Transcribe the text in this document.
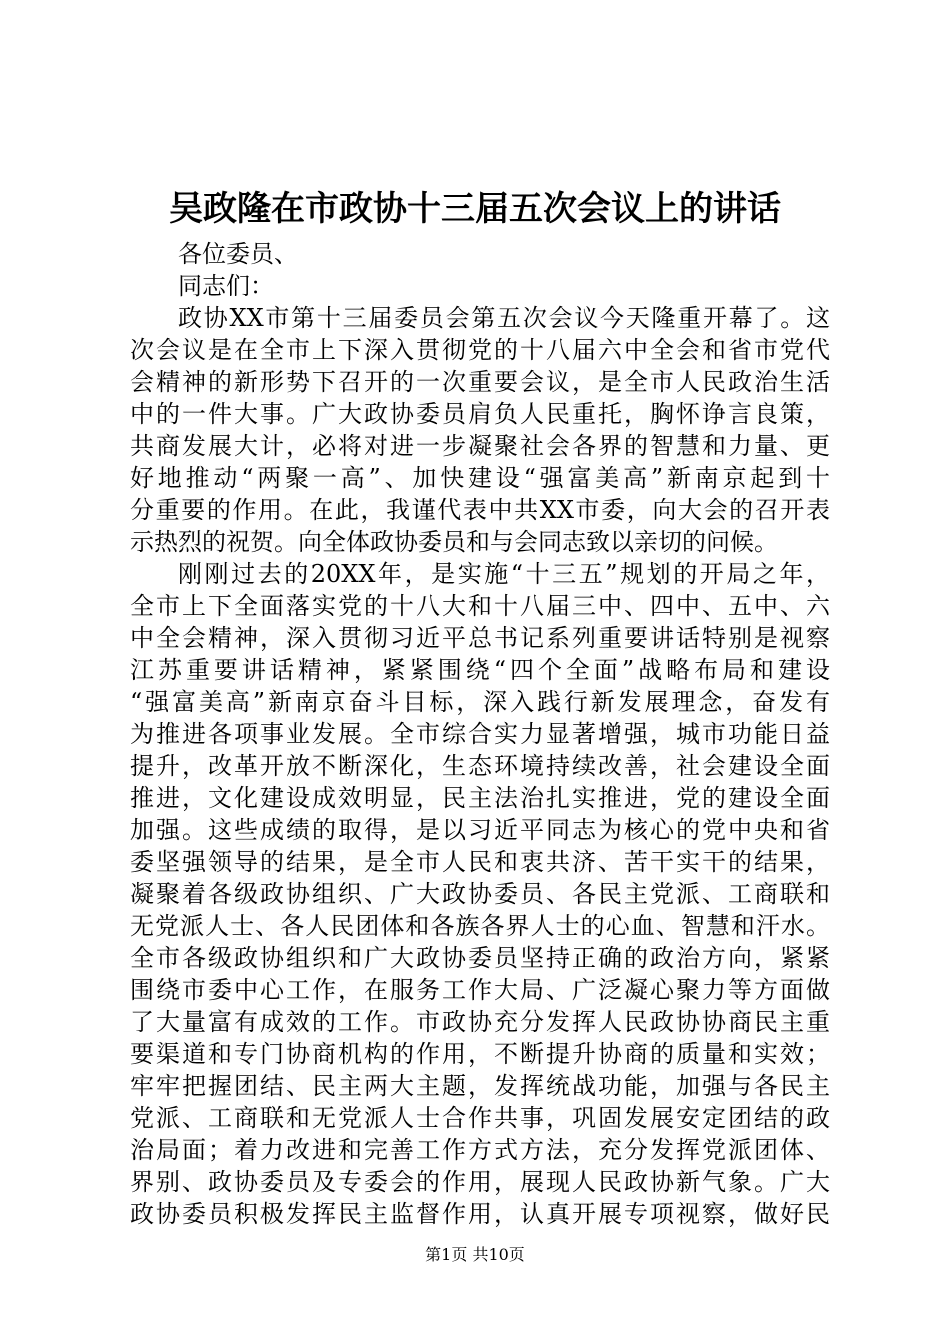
吴政隆在市政协十三届五次会议上的讲话
各位委员、
同志们：
政协XX市第十三届委员会第五次会议今天隆重开幕了。这
次会议是在全市上下深入贯彻党的十八届六中全会和省市党代
会精神的新形势下召开的一次重要会议，是全市人民政治生活
中的一件大事。广大政协委员肩负人民重托，胸怀诤言良策，
共商发展大计，必将对进一步凝聚社会各界的智慧和力量、更
好地推动“两聚一高”、加快建设“强富美高”新南京起到十
分重要的作用。在此，我谨代表中共XX市委，向大会的召开表
示热烈的祝贺。向全体政协委员和与会同志致以亲切的问候。
刚刚过去的20XX年，是实施“十三五”规划的开局之年，
全市上下全面落实党的十八大和十八届三中、四中、五中、六
中全会精神，深入贯彻习近平总书记系列重要讲话特别是视察
江苏重要讲话精神，紧紧围绕“四个全面”战略布局和建设
“强富美高”新南京奋斗目标，深入践行新发展理念，奋发有
为推进各项事业发展。全市综合实力显著增强，城市功能日益
提升，改革开放不断深化，生态环境持续改善，社会建设全面
推进，文化建设成效明显，民主法治扎实推进，党的建设全面
加强。这些成绩的取得，是以习近平同志为核心的党中央和省
委坚强领导的结果，是全市人民和衷共济、苦干实干的结果，
凝聚着各级政协组织、广大政协委员、各民主党派、工商联和
无党派人士、各人民团体和各族各界人士的心血、智慧和汗水。
全市各级政协组织和广大政协委员坚持正确的政治方向，紧紧
围绕市委中心工作，在服务工作大局、广泛凝心聚力等方面做
了大量富有成效的工作。市政协充分发挥人民政协协商民主重
要渠道和专门协商机构的作用，不断提升协商的质量和实效；
牢牢把握团结、民主两大主题，发挥统战功能，加强与各民主
党派、工商联和无党派人士合作共事，巩固发展安定团结的政
治局面；着力改进和完善工作方式方法，充分发挥党派团体、
界别、政协委员及专委会的作用，展现人民政协新气象。广大
政协委员积极发挥民主监督作用，认真开展专项视察，做好民
第1页 共10页
